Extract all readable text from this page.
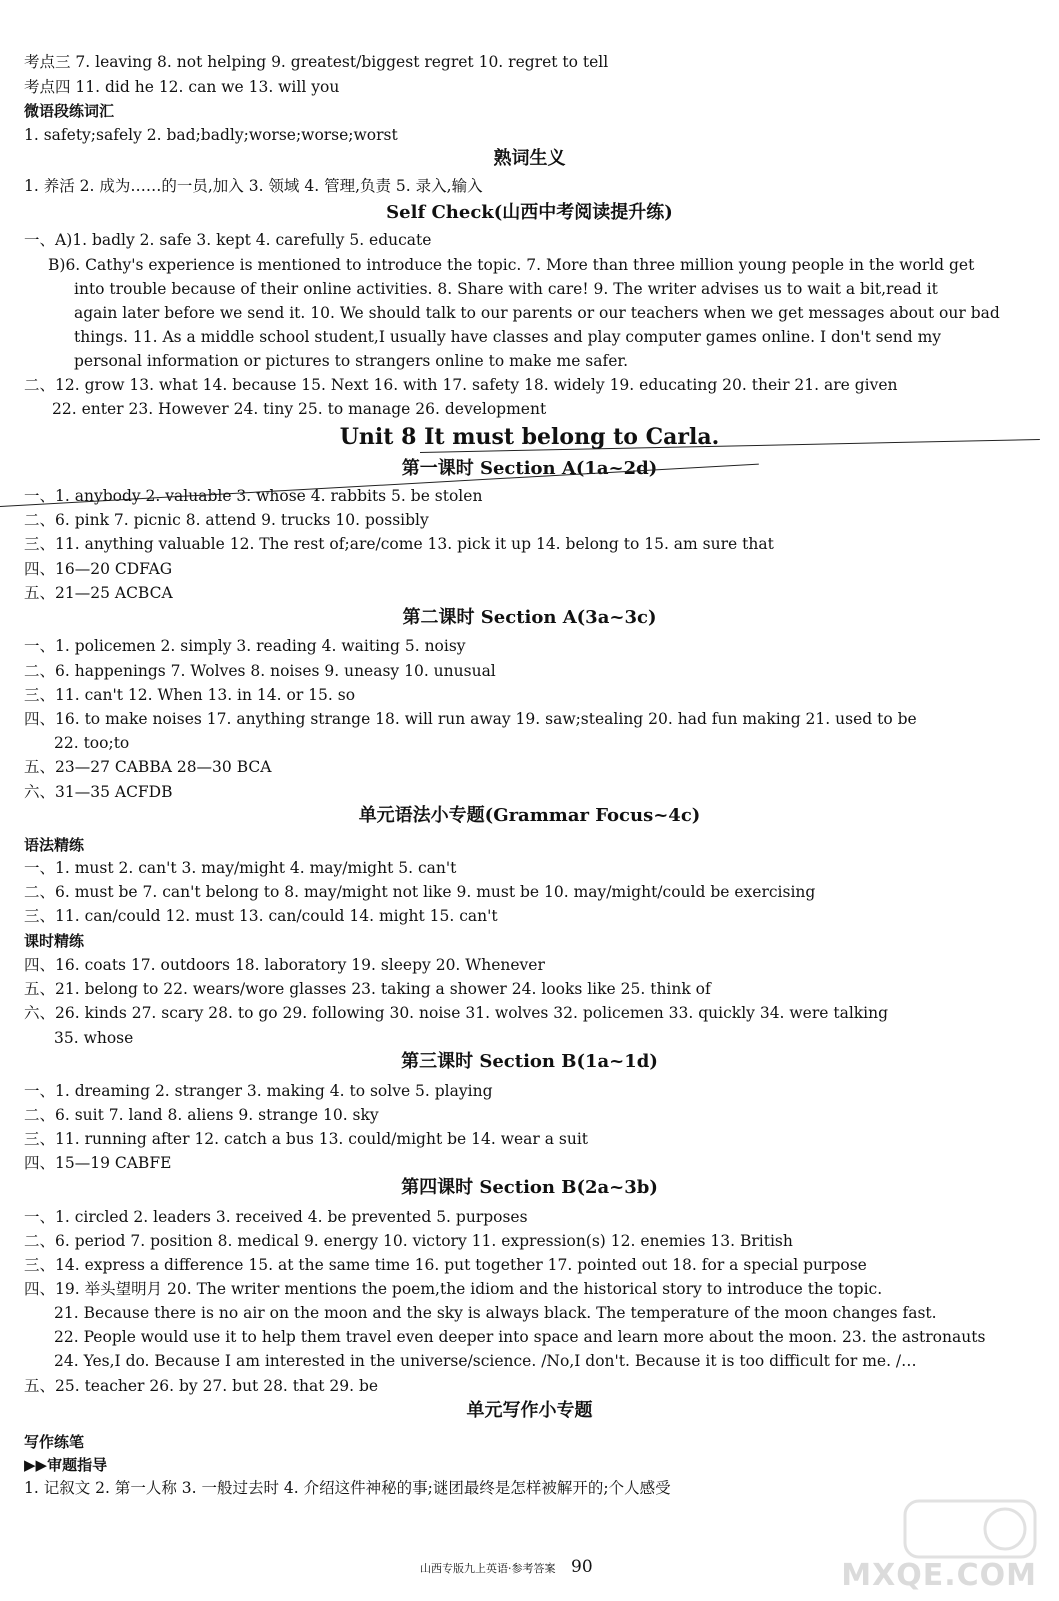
考点三 7. leaving 8. not helping 9. greatest/biggest regret 10. regret to tell
考点四 11. did he 12. can we 13. will you
微语段练词汇
1. safety;safely 2. bad;badly;worse;worse;worst
熟词生义
1. 养活 2. 成为……的一员,加入 3. 领域 4. 管理,负责 5. 录入,输入
Self Check(山西中考阅读提升练)
一、A)1. badly 2. safe 3. kept 4. carefully 5. educate
B)6. Cathy's experience is mentioned to introduce the topic. 7. More than three million young people in the world get
into trouble because of their online activities. 8. Share with care! 9. The writer advises us to wait a bit,read it
again later before we send it. 10. We should talk to our parents or our teachers when we get messages about our bad
things. 11. As a middle school student,I usually have classes and play computer games online. I don't send my
personal information or pictures to strangers online to make me safer.
二、12. grow 13. what 14. because 15. Next 16. with 17. safety 18. widely 19. educating 20. their 21. are given
22. enter 23. However 24. tiny 25. to manage 26. development
Unit 8 It must belong to Carla.
第一课时 Section A(1a~2d)
一、1. anybody 2. valuable 3. whose 4. rabbits 5. be stolen
二、6. pink 7. picnic 8. attend 9. trucks 10. possibly
三、11. anything valuable 12. The rest of;are/come 13. pick it up 14. belong to 15. am sure that
四、16—20 CDFAG
五、21—25 ACBCA
第二课时 Section A(3a~3c)
一、1. policemen 2. simply 3. reading 4. waiting 5. noisy
二、6. happenings 7. Wolves 8. noises 9. uneasy 10. unusual
三、11. can't 12. When 13. in 14. or 15. so
四、16. to make noises 17. anything strange 18. will run away 19. saw;stealing 20. had fun making 21. used to be
22. too;to
五、23—27 CABBA 28—30 BCA
六、31—35 ACFDB
单元语法小专题(Grammar Focus~4c)
语法精练
一、1. must 2. can't 3. may/might 4. may/might 5. can't
二、6. must be 7. can't belong to 8. may/might not like 9. must be 10. may/might/could be exercising
三、11. can/could 12. must 13. can/could 14. might 15. can't
课时精练
四、16. coats 17. outdoors 18. laboratory 19. sleepy 20. Whenever
五、21. belong to 22. wears/wore glasses 23. taking a shower 24. looks like 25. think of
六、26. kinds 27. scary 28. to go 29. following 30. noise 31. wolves 32. policemen 33. quickly 34. were talking
35. whose
第三课时 Section B(1a~1d)
一、1. dreaming 2. stranger 3. making 4. to solve 5. playing
二、6. suit 7. land 8. aliens 9. strange 10. sky
三、11. running after 12. catch a bus 13. could/might be 14. wear a suit
四、15—19 CABFE
第四课时 Section B(2a~3b)
一、1. circled 2. leaders 3. received 4. be prevented 5. purposes
二、6. period 7. position 8. medical 9. energy 10. victory 11. expression(s) 12. enemies 13. British
三、14. express a difference 15. at the same time 16. put together 17. pointed out 18. for a special purpose
四、19. 举头望明月 20. The writer mentions the poem,the idiom and the historical story to introduce the topic.
21. Because there is no air on the moon and the sky is always black. The temperature of the moon changes fast.
22. People would use it to help them travel even deeper into space and learn more about the moon. 23. the astronauts
24. Yes,I do. Because I am interested in the universe/science. /No,I don't. Because it is too difficult for me. /…
五、25. teacher 26. by 27. but 28. that 29. be
单元写作小专题
写作练笔
▶▶审题指导
1. 记叙文 2. 第一人称 3. 一般过去时 4. 介绍这件神秘的事;谜团最终是怎样被解开的;个人感受
山西专版九上英语·参考答案 90	MXQE.COM
